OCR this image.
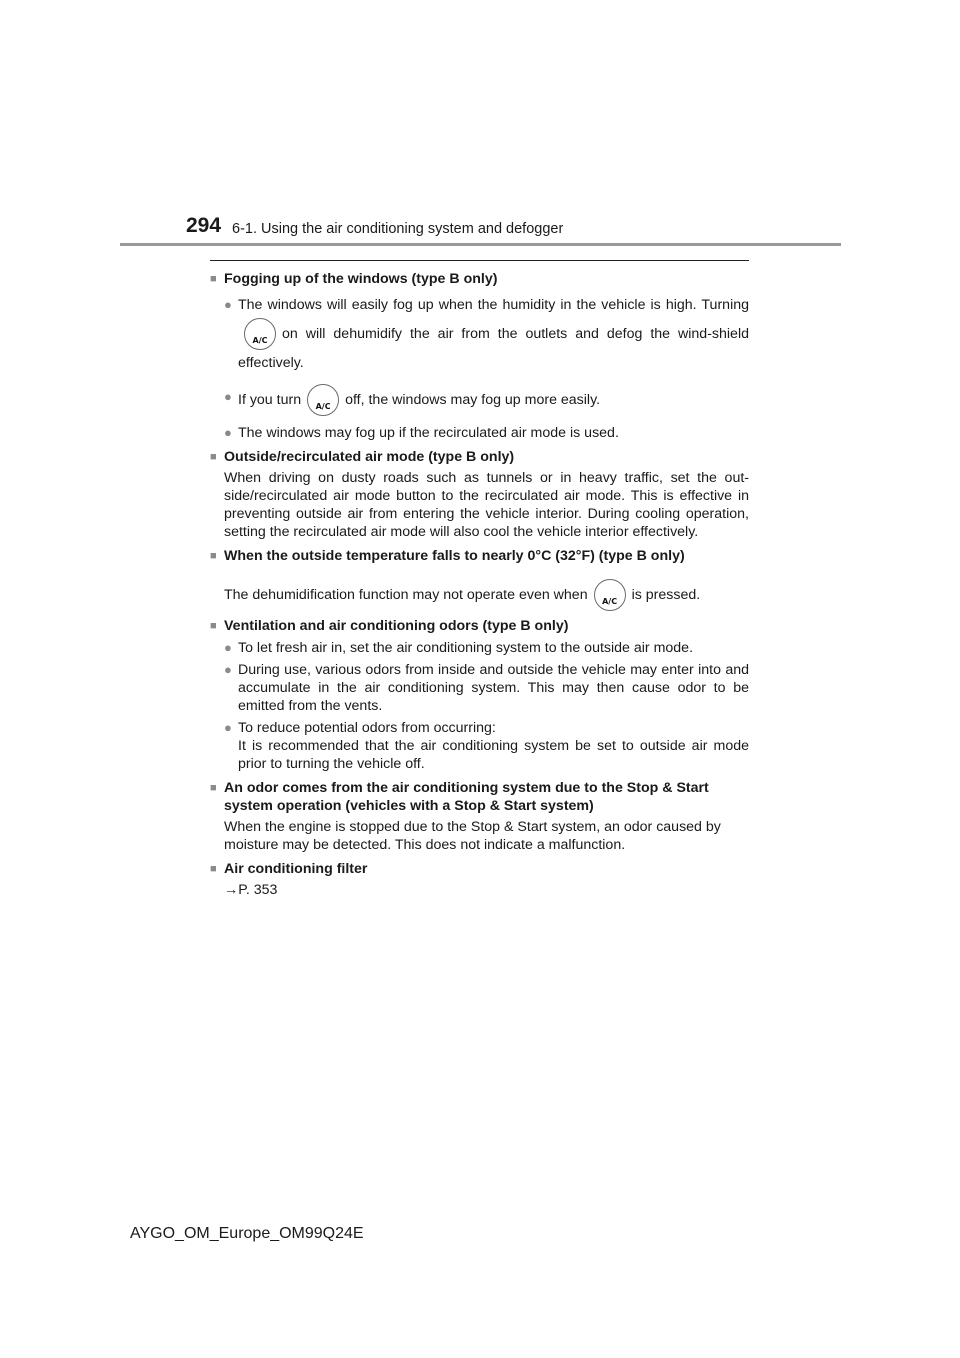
294 6-1. Using the air conditioning system and defogger
■ Fogging up of the windows (type B only)
● The windows will easily fog up when the humidity in the vehicle is high. Turning
A/C	on will dehumidify the air from the outlets and defog the wind-shield effectively.
● If you turn	A/C	off, the windows may fog up more easily.
● The windows may fog up if the recirculated air mode is used.
■ Outside/recirculated air mode (type B only)
When driving on dusty roads such as tunnels or in heavy traffic, set the out-side/recirculated air mode button to the recirculated air mode. This is effective in preventing outside air from entering the vehicle interior. During cooling operation, setting the recirculated air mode will also cool the vehicle interior effectively.
■ When the outside temperature falls to nearly 0°C (32°F) (type B only)
The dehumidification function may not operate even when	A/C	is pressed.
■ Ventilation and air conditioning odors (type B only)
● To let fresh air in, set the air conditioning system to the outside air mode.
● During use, various odors from inside and outside the vehicle may enter into and accumulate in the air conditioning system. This may then cause odor to be emitted from the vents.
● To reduce potential odors from occurring:
It is recommended that the air conditioning system be set to outside air mode prior to turning the vehicle off.
■ An odor comes from the air conditioning system due to the Stop & Start system operation (vehicles with a Stop & Start system)
When the engine is stopped due to the Stop & Start system, an odor caused by moisture may be detected. This does not indicate a malfunction.
■ Air conditioning filter
→P. 353
AYGO_OM_Europe_OM99Q24E
